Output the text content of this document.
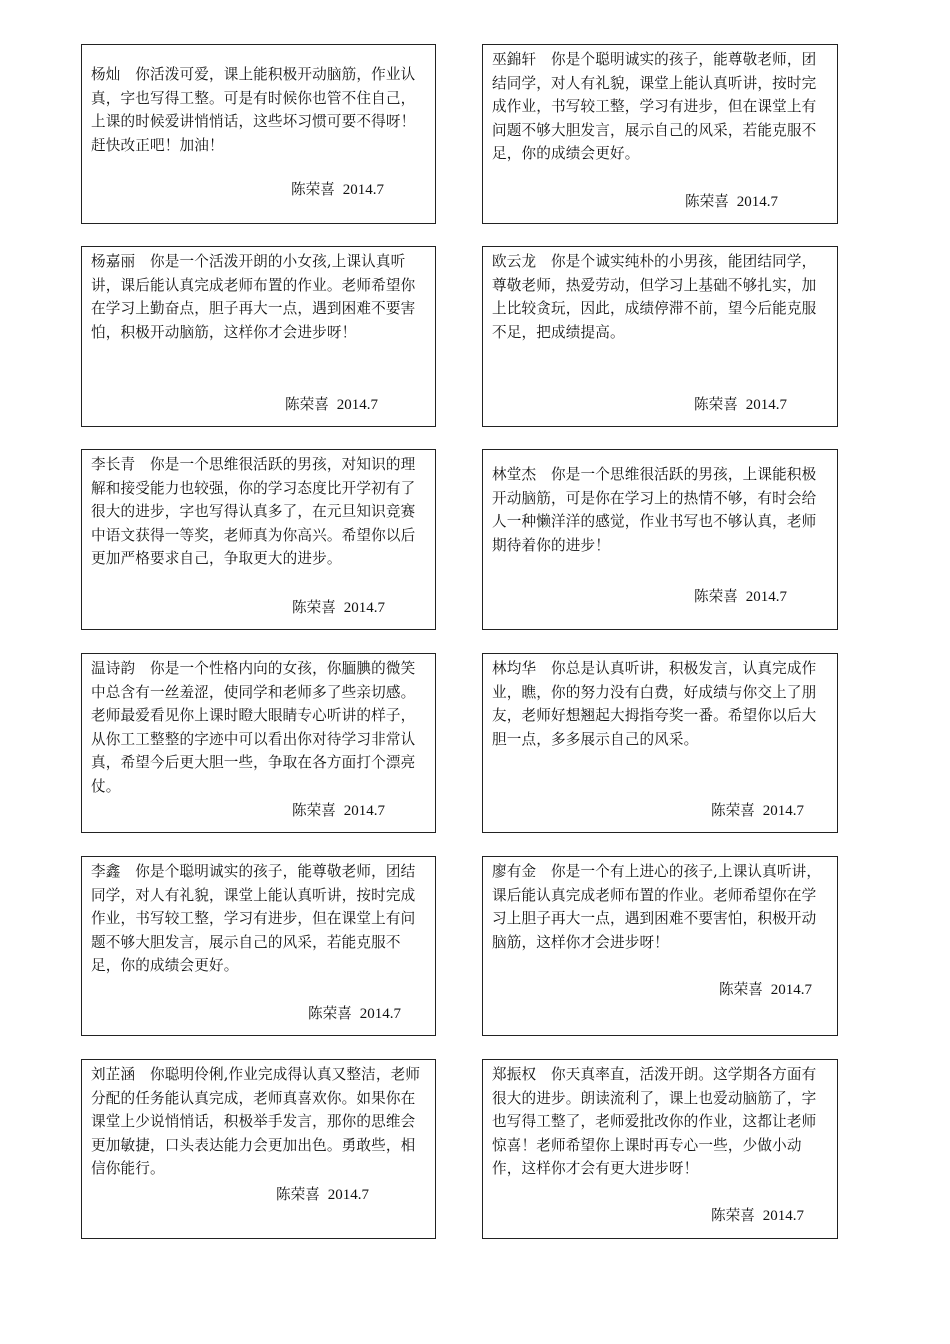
杨灿　你活泼可爱，课上能积极开动脑筋，作业认真，字也写得工整。可是有时候你也管不住自己，上课的时候爱讲悄悄话，这些坏习惯可要不得呀！赶快改正吧！加油！

陈荣喜 2014.7

巫錦轩　你是个聪明诚实的孩子，能尊敬老师，团结同学，对人有礼貌，课堂上能认真听讲，按时完成作业，书写较工整，学习有进步，但在课堂上有问题不够大胆发言，展示自己的风采，若能克服不足，你的成绩会更好。

陈荣喜 2014.7

杨嘉丽　你是一个活泼开朗的小女孩,上课认真听讲，课后能认真完成老师布置的作业。老师希望你在学习上勤奋点，胆子再大一点，遇到困难不要害怕，积极开动脑筋，这样你才会进步呀！

陈荣喜 2014.7

欧云龙　你是个诚实纯朴的小男孩，能团结同学，尊敬老师，热爱劳动，但学习上基础不够扎实，加上比较贪玩，因此，成绩停滞不前，望今后能克服不足，把成绩提高。

陈荣喜 2014.7

李长青　你是一个思维很活跃的男孩，对知识的理解和接受能力也较强，你的学习态度比开学初有了很大的进步，字也写得认真多了，在元旦知识竞赛中语文获得一等奖，老师真为你高兴。希望你以后更加严格要求自己，争取更大的进步。

陈荣喜 2014.7

林堂杰　你是一个思维很活跃的男孩，上课能积极开动脑筋，可是你在学习上的热情不够，有时会给人一种懒洋洋的感觉，作业书写也不够认真，老师期待着你的进步！

陈荣喜 2014.7

温诗韵　你是一个性格内向的女孩，你腼腆的微笑中总含有一丝羞涩，使同学和老师多了些亲切感。老师最爱看见你上课时瞪大眼睛专心听讲的样子，从你工工整整的字迹中可以看出你对待学习非常认真，希望今后更大胆一些，争取在各方面打个漂亮仗。

陈荣喜 2014.7

林均华　你总是认真听讲，积极发言，认真完成作业，瞧，你的努力没有白费，好成绩与你交上了朋友，老师好想翘起大拇指夸奖一番。希望你以后大胆一点，多多展示自己的风采。

陈荣喜 2014.7

李鑫　你是个聪明诚实的孩子，能尊敬老师，团结同学，对人有礼貌，课堂上能认真听讲，按时完成作业，书写较工整，学习有进步，但在课堂上有问题不够大胆发言，展示自己的风采，若能克服不足，你的成绩会更好。

陈荣喜 2014.7

廖有金　你是一个有上进心的孩子,上课认真听讲，课后能认真完成老师布置的作业。老师希望你在学习上胆子再大一点，遇到困难不要害怕，积极开动脑筋，这样你才会进步呀！

陈荣喜 2014.7

刘芷涵　你聪明伶俐,作业完成得认真又整洁，老师分配的任务能认真完成，老师真喜欢你。如果你在课堂上少说悄悄话，积极举手发言，那你的思维会更加敏捷，口头表达能力会更加出色。勇敢些，相信你能行。

陈荣喜 2014.7

郑振权　你天真率直，活泼开朗。这学期各方面有很大的进步。朗读流利了，课上也爱动脑筋了，字也写得工整了，老师爱批改你的作业，这都让老师惊喜！老师希望你上课时再专心一些，少做小动作，这样你才会有更大进步呀！

陈荣喜 2014.7
